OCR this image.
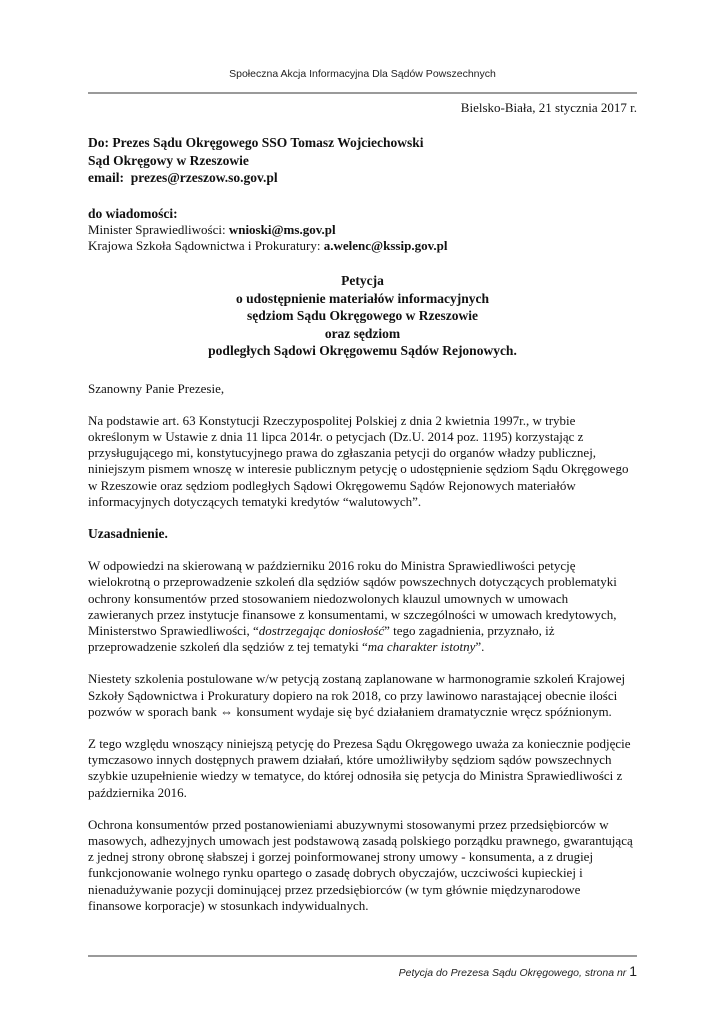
Społeczna Akcja Informacyjna Dla Sądów Powszechnych
Bielsko-Biała, 21 stycznia 2017 r.
Do: Prezes Sądu Okręgowego SSO Tomasz Wojciechowski
Sąd Okręgowy w Rzeszowie
email: prezes@rzeszow.so.gov.pl
do wiadomości:
Minister Sprawiedliwości: wnioski@ms.gov.pl
Krajowa Szkoła Sądownictwa i Prokuratury: a.welenc@kssip.gov.pl
Petycja
o udostępnienie materiałów informacyjnych
sędziom Sądu Okręgowego w Rzeszowie
oraz sędziom
podległych Sądowi Okręgowemu Sądów Rejonowych.
Szanowny Panie Prezesie,
Na podstawie art. 63 Konstytucji Rzeczypospolitej Polskiej z dnia 2 kwietnia 1997r., w trybie określonym w Ustawie z dnia 11 lipca 2014r. o petycjach (Dz.U. 2014 poz. 1195) korzystając z przysługującego mi, konstytucyjnego prawa do zgłaszania petycji do organów władzy publicznej, niniejszym pismem wnoszę w interesie publicznym petycję o udostępnienie sędziom Sądu Okręgowego w Rzeszowie oraz sędziom podległych Sądowi Okręgowemu Sądów Rejonowych materiałów informacyjnych dotyczących tematyki kredytów “walutowych”.
Uzasadnienie.
W odpowiedzi na skierowaną w październiku 2016 roku do Ministra Sprawiedliwości petycję wielokrotną o przeprowadzenie szkoleń dla sędziów sądów powszechnych dotyczących problematyki ochrony konsumentów przed stosowaniem niedozwolonych klauzul umownych w umowach zawieranych przez instytucje finansowe z konsumentami, w szczególności w umowach kredytowych, Ministerstwo Sprawiedliwości, “dostrzegając doniosłość” tego zagadnienia, przyznało, iż przeprowadzenie szkoleń dla sędziów z tej tematyki “ma charakter istotny”.
Niestety szkolenia postulowane w/w petycją zostaną zaplanowane w harmonogramie szkoleń Krajowej Szkoły Sądownictwa i Prokuratury dopiero na rok 2018, co przy lawinowo narastającej obecnie ilości pozwów w sporach bank ⇔ konsument wydaje się być działaniem dramatycznie wręcz spóźnionym.
Z tego względu wnoszący niniejszą petycję do Prezesa Sądu Okręgowego uważa za koniecznie podjęcie tymczasowo innych dostępnych prawem działań, które umożliwiłyby sędziom sądów powszechnych szybkie uzupełnienie wiedzy w tematyce, do której odnosiła się petycja do Ministra Sprawiedliwości z października 2016.
Ochrona konsumentów przed postanowieniami abuzywnymi stosowanymi przez przedsiębiorców w masowych, adhezyjnych umowach jest podstawową zasadą polskiego porządku prawnego, gwarantującą z jednej strony obronę słabszej i gorzej poinformowanej strony umowy - konsumenta, a z drugiej funkcjonowanie wolnego rynku opartego o zasadę dobrych obyczajów, uczciwości kupieckiej i nienadużywanie pozycji dominującej przez przedsiębiorców (w tym głównie międzynarodowe finansowe korporacje) w stosunkach indywidualnych.
Petycja do Prezesa Sądu Okręgowego, strona nr 1
